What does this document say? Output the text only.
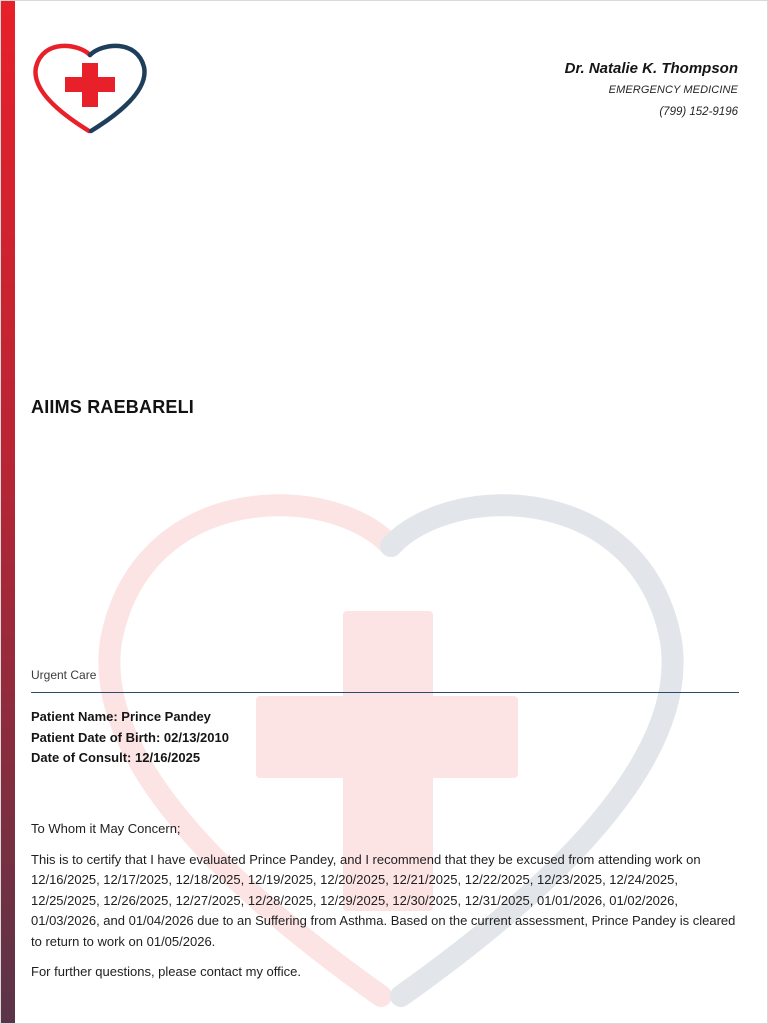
Dr. Natalie K. Thompson
EMERGENCY MEDICINE
(799) 152-9196
AIIMS RAEBARELI
Urgent Care
Patient Name: Prince Pandey
Patient Date of Birth: 02/13/2010
Date of Consult: 12/16/2025

To Whom it May Concern;

This is to certify that I have evaluated Prince Pandey, and I recommend that they be excused from attending work on 12/16/2025, 12/17/2025, 12/18/2025, 12/19/2025, 12/20/2025, 12/21/2025, 12/22/2025, 12/23/2025, 12/24/2025, 12/25/2025, 12/26/2025, 12/27/2025, 12/28/2025, 12/29/2025, 12/30/2025, 12/31/2025, 01/01/2026, 01/02/2026, 01/03/2026, and 01/04/2026 due to an Suffering from Asthma. Based on the current assessment, Prince Pandey is cleared to return to work on 01/05/2026.

For further questions, please contact my office.
